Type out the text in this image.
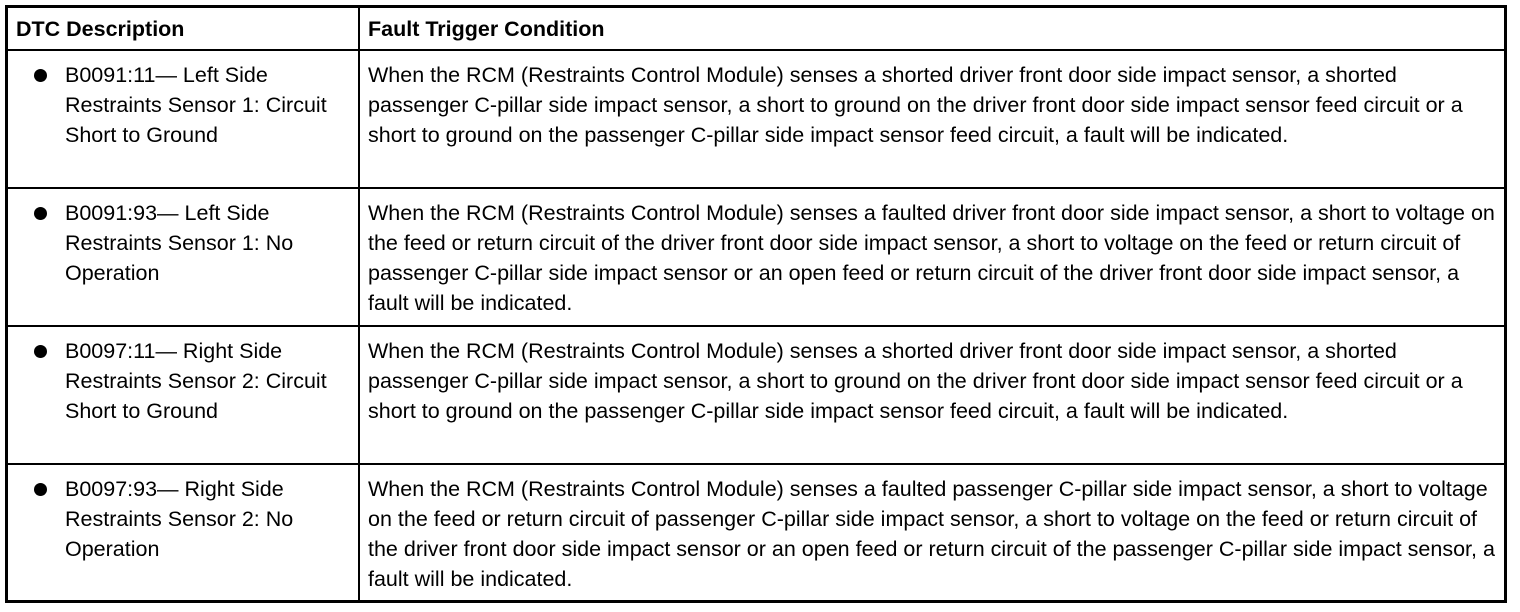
DTC Description	Fault Trigger Condition

B0091:11— Left Side Restraints Sensor 1: Circuit Short to Ground	When the RCM (Restraints Control Module) senses a shorted driver front door side impact sensor, a shorted passenger C-pillar side impact sensor, a short to ground on the driver front door side impact sensor feed circuit or a short to ground on the passenger C-pillar side impact sensor feed circuit, a fault will be indicated.

B0091:93— Left Side Restraints Sensor 1: No Operation	When the RCM (Restraints Control Module) senses a faulted driver front door side impact sensor, a short to voltage on the feed or return circuit of the driver front door side impact sensor, a short to voltage on the feed or return circuit of passenger C-pillar side impact sensor or an open feed or return circuit of the driver front door side impact sensor, a fault will be indicated.

B0097:11— Right Side Restraints Sensor 2: Circuit Short to Ground	When the RCM (Restraints Control Module) senses a shorted driver front door side impact sensor, a shorted passenger C-pillar side impact sensor, a short to ground on the driver front door side impact sensor feed circuit or a short to ground on the passenger C-pillar side impact sensor feed circuit, a fault will be indicated.

B0097:93— Right Side Restraints Sensor 2: No Operation	When the RCM (Restraints Control Module) senses a faulted passenger C-pillar side impact sensor, a short to voltage on the feed or return circuit of passenger C-pillar side impact sensor, a short to voltage on the feed or return circuit of the driver front door side impact sensor or an open feed or return circuit of the passenger C-pillar side impact sensor, a fault will be indicated.
